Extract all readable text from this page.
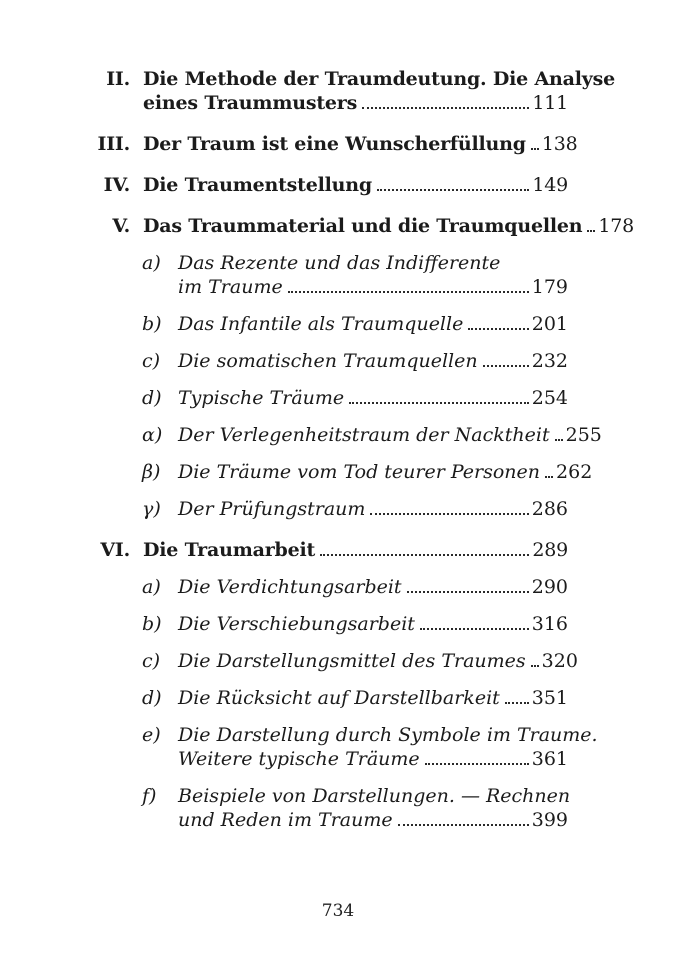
II. Die Methode der Traumdeutung. Die Analyse
eines Traummusters	111
III. Der Traum ist eine Wunscherfüllung 138
IV. Die Traumentstellung	149
V. Das Traummaterial und die Traumquellen 178
a) Das Rezente und das Indifferente
im Traume	179
b) Das Infantile als Traumquelle	201
c) Die somatischen Traumquellen	232
d) Typische Träume	254
α) Der Verlegenheitstraum der Nacktheit 255
β) Die Träume vom Tod teurer Personen 262
γ) Der Prüfungstraum	286
VI. Die Traumarbeit	289
a) Die Verdichtungsarbeit	290
b) Die Verschiebungsarbeit	316
c) Die Darstellungsmittel des Traumes 320
d) Die Rücksicht auf Darstellbarkeit 351
e) Die Darstellung durch Symbole im Traume.
Weitere typische Träume	361
f)	Beispiele von Darstellungen. — Rechnen
und Reden im Traume	399
734
